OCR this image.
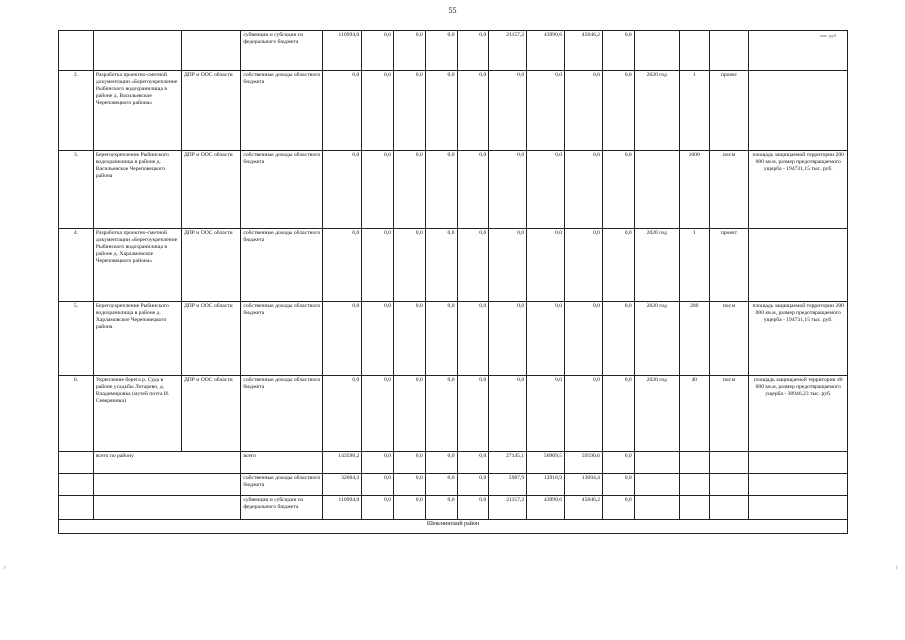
55
тыс. руб.
г	г
			субвенции и субсидии из федерального бюджета	110994,0	0,0	0,0	0,0	0,0	21157,2	43990,6	45846,2	0,0				
2.	Разработка проектно-сметной документации «Берегоукрепление Рыбинского водохранилища в районе д. Васильевское Череповецкого района»	ДПР и ООС области	собственные доходы областного бюджета	0,0	0,0	0,0	0,0	0,0	0,0	0,0	0,0	0,0	2020 год	1	проект	
3.	Берегоукрепление Рыбинского водохранилища в районе д. Васильевское Череповецкого района	ДПР и ООС области	собственные доходы областного бюджета	0,0	0,0	0,0	0,0	0,0	0,0	0,0	0,0	0,0		1000	пог.м	площадь защищаемой территории 200 000 кв.м, размер предотвращаемого ущерба - 194731,15 тыс. руб.
4.	Разработка проектно-сметной документации «Берегоукрепление Рыбинского водохранилища в районе д. Харламовское Череповецкого района»	ДПР и ООС области	собственные доходы областного бюджета	0,0	0,0	0,0	0,0	0,0	0,0	0,0	0,0	0,0	2020 год	1	проект	
5.	Берегоукрепление Рыбинского водохранилища в районе д. Харламовское Череповецкого района	ДПР и ООС области	собственные доходы областного бюджета	0,0	0,0	0,0	0,0	0,0	0,0	0,0	0,0	0,0	2020 год	200	пог.м	площадь защищаемой территории 200 000 кв.м, размер предотвращаемого ущерба - 194731,15 тыс. руб.
6.	Укрепление берега р. Суда в районе усадьбы Лотарево, д. Владимировка (музей поэта И. Северянина)	ДПР и ООС области	собственные доходы областного бюджета	0,0	0,0	0,0	0,0	0,0	0,0	0,0	0,0	0,0	2020 год	40	пог.м	площадь защищаемой территории 40 000 кв.м, размер предотвращаемого ущерба - 38946,23 тыс. руб.
	всего по району		всего	143598,2	0,0	0,0	0,0	0,0	27145,1	56909,5	59590,6	0,0				
			собственные доходы областного бюджета	32604,2	0,0	0,0	0,0	0,0	5987,9	12918,9	13694,4	0,0				
			субвенции и субсидии из федерального бюджета	110994,0	0,0	0,0	0,0	0,0	21157,2	43990,6	45846,2	0,0				
Шекснинский район																
